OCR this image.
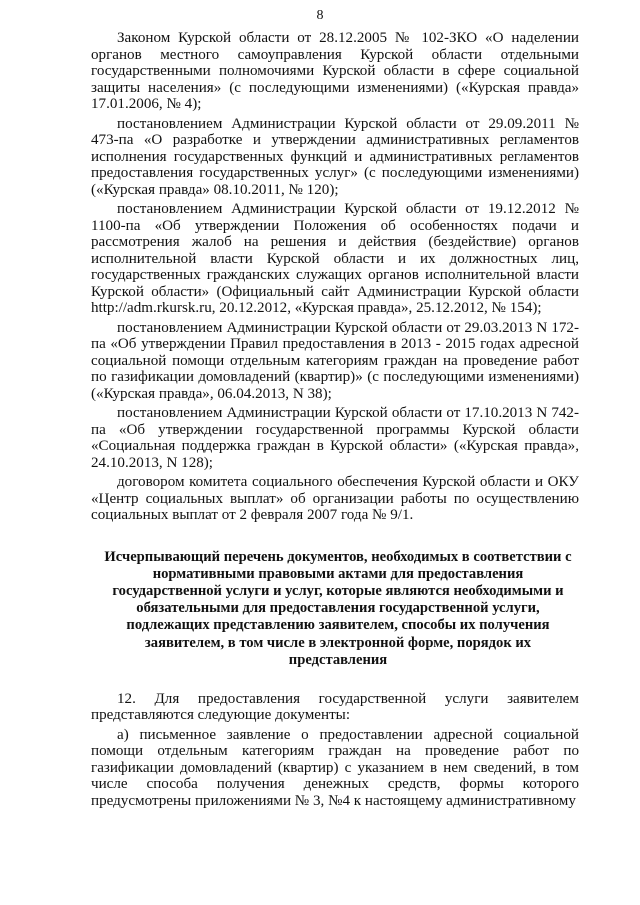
8

Законом Курской области от 28.12.2005 № 102-ЗКО «О наделении органов местного самоуправления Курской области отдельными государственными полномочиями Курской области в сфере социальной защиты населения» (с последующими изменениями) («Курская правда» 17.01.2006, № 4);

постановлением Администрации Курской области от 29.09.2011 № 473-па «О разработке и утверждении административных регламентов исполнения государственных функций и административных регламентов предоставления государственных услуг» (с последующими изменениями) («Курская правда» 08.10.2011, № 120);

постановлением Администрации Курской области от 19.12.2012 № 1100-па «Об утверждении Положения об особенностях подачи и рассмотрения жалоб на решения и действия (бездействие) органов исполнительной власти Курской области и их должностных лиц, государственных гражданских служащих органов исполнительной власти Курской области» (Официальный сайт Администрации Курской области http://adm.rkursk.ru, 20.12.2012, «Курская правда», 25.12.2012, № 154);

постановлением Администрации Курской области от 29.03.2013 N 172-па «Об утверждении Правил предоставления в 2013 - 2015 годах адресной социальной помощи отдельным категориям граждан на проведение работ по газификации домовладений (квартир)» (с последующими изменениями) («Курская правда», 06.04.2013, N 38);

постановлением Администрации Курской области от 17.10.2013 N 742-па «Об утверждении государственной программы Курской области «Социальная поддержка граждан в Курской области» («Курская правда», 24.10.2013, N 128);

договором комитета социального обеспечения Курской области и ОКУ «Центр социальных выплат» об организации работы по осуществлению социальных выплат от 2 февраля 2007 года № 9/1.

Исчерпывающий перечень документов, необходимых в соответствии с нормативными правовыми актами для предоставления государственной услуги и услуг, которые являются необходимыми и обязательными для предоставления государственной услуги, подлежащих представлению заявителем, способы их получения заявителем, в том числе в электронной форме, порядок их представления

12. Для предоставления государственной услуги заявителем представляются следующие документы:

а) письменное заявление о предоставлении адресной социальной помощи отдельным категориям граждан на проведение работ по газификации домовладений (квартир) с указанием в нем сведений, в том числе способа получения денежных средств, формы которого предусмотрены приложениями № 3, №4 к настоящему административному
